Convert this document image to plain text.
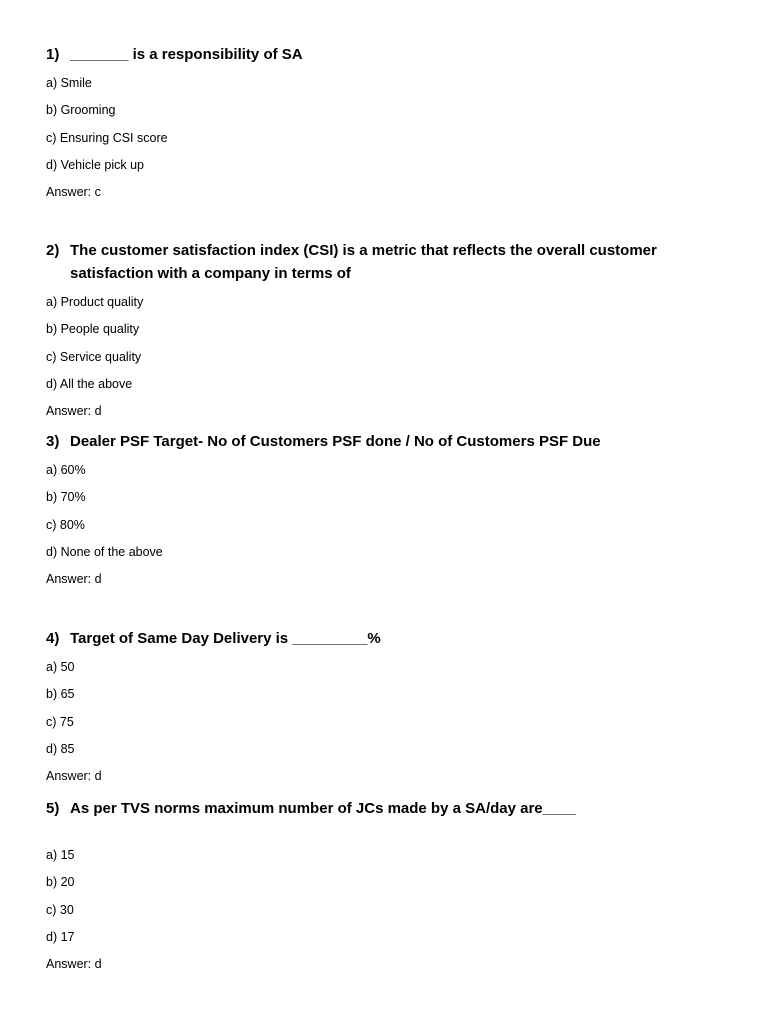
1) _______ is a responsibility of SA
a) Smile
b) Grooming
c) Ensuring CSI score
d) Vehicle pick up
Answer: c
2) The customer satisfaction index (CSI) is a metric that reflects the overall customer satisfaction with a company in terms of
a) Product quality
b) People quality
c) Service quality
d) All the above
Answer: d
3) Dealer PSF Target- No of Customers PSF done / No of Customers PSF Due
a) 60%
b) 70%
c) 80%
d) None of the above
Answer: d
4) Target of Same Day Delivery is _________%
a) 50
b) 65
c) 75
d) 85
Answer: d
5) As per TVS norms maximum number of JCs made by a SA/day are____
a) 15
b) 20
c) 30
d) 17
Answer: d
